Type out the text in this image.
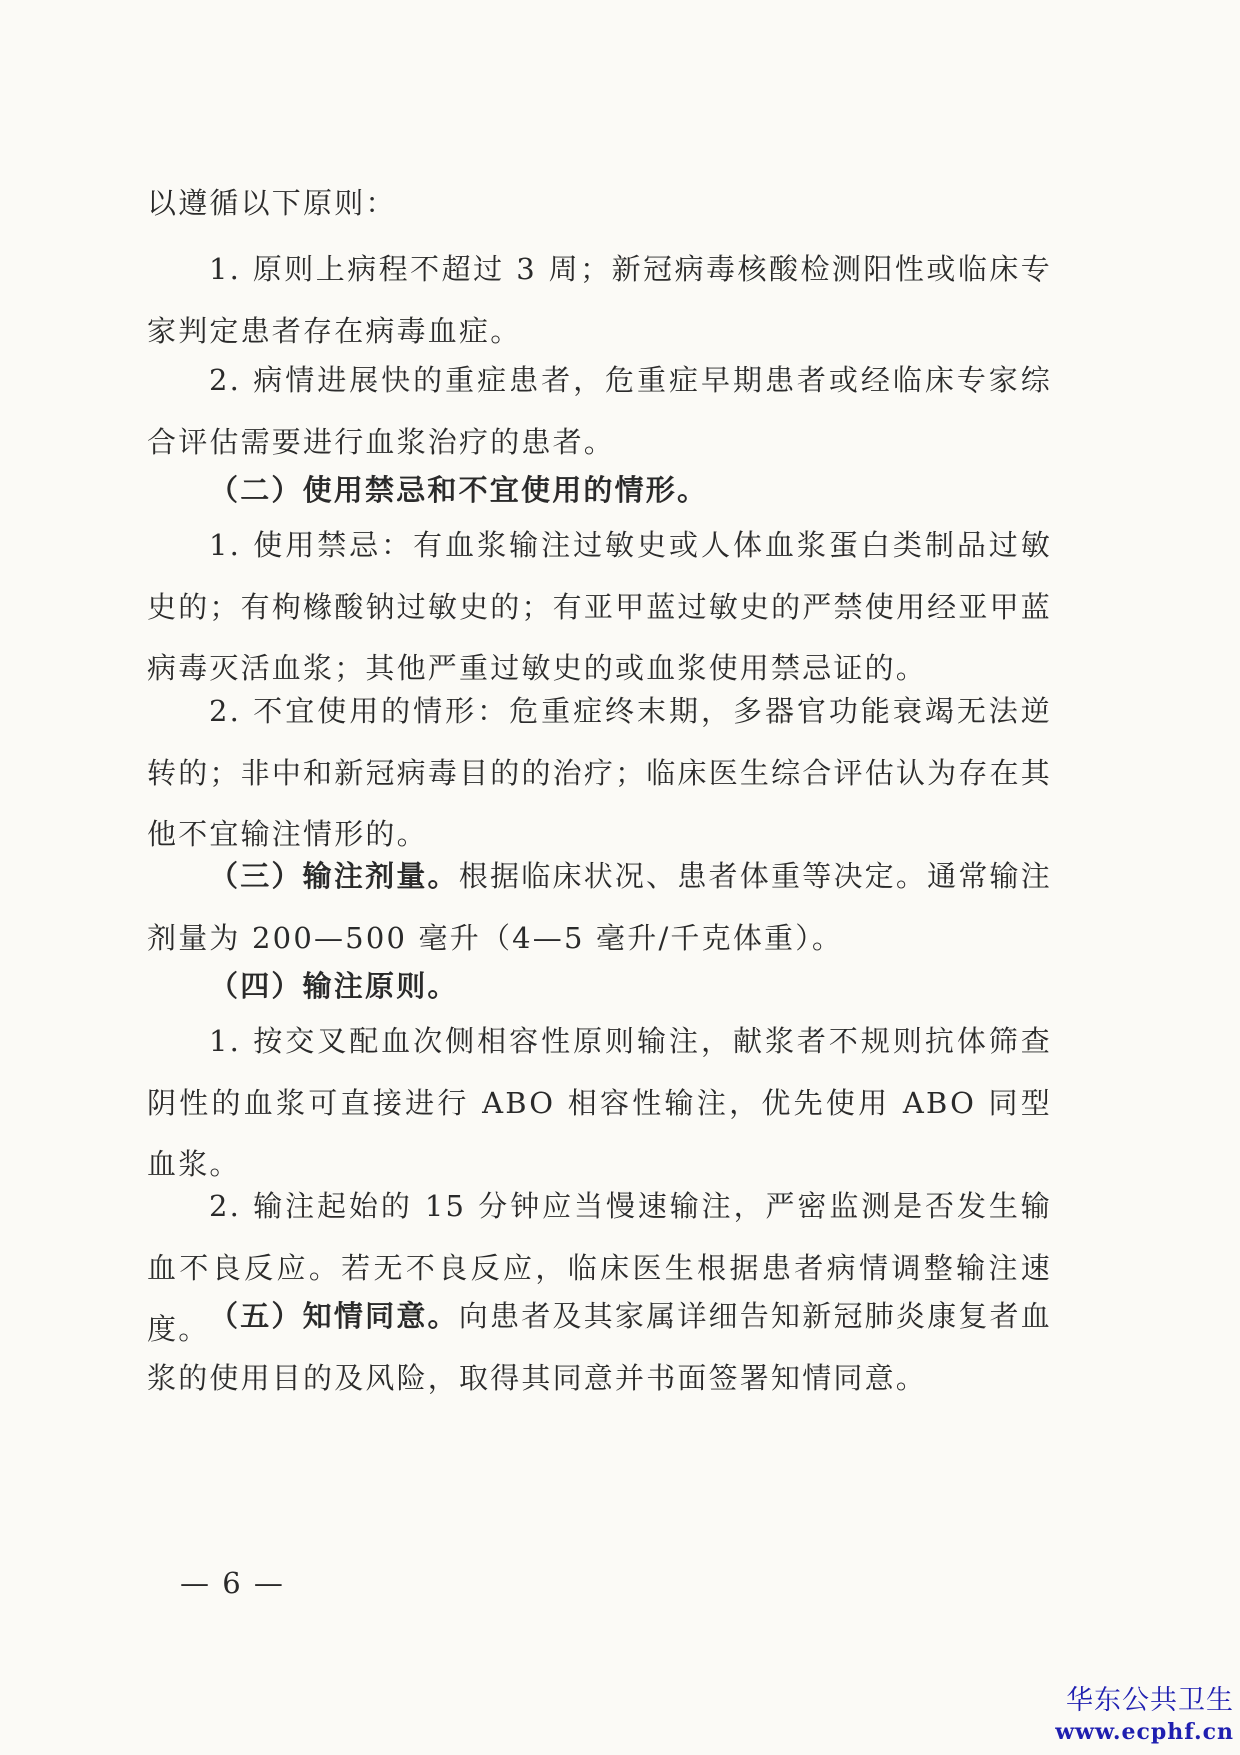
以遵循以下原则：

1. 原则上病程不超过 3 周；新冠病毒核酸检测阳性或临床专家判定患者存在病毒血症。

2. 病情进展快的重症患者，危重症早期患者或经临床专家综合评估需要进行血浆治疗的患者。

（二）使用禁忌和不宜使用的情形。

1. 使用禁忌：有血浆输注过敏史或人体血浆蛋白类制品过敏史的；有枸橼酸钠过敏史的；有亚甲蓝过敏史的严禁使用经亚甲蓝病毒灭活血浆；其他严重过敏史的或血浆使用禁忌证的。

2. 不宜使用的情形：危重症终末期，多器官功能衰竭无法逆转的；非中和新冠病毒目的的治疗；临床医生综合评估认为存在其他不宜输注情形的。

（三）输注剂量。根据临床状况、患者体重等决定。通常输注剂量为 200—500 毫升（4—5 毫升/千克体重）。

（四）输注原则。

1. 按交叉配血次侧相容性原则输注，献浆者不规则抗体筛查阴性的血浆可直接进行 ABO 相容性输注，优先使用 ABO 同型血浆。

2. 输注起始的 15 分钟应当慢速输注，严密监测是否发生输血不良反应。若无不良反应，临床医生根据患者病情调整输注速度。 （五）知情同意。向患者及其家属详细告知新冠肺炎康复者血浆的使用目的及风险，取得其同意并书面签署知情同意。

— 6 —

华东公共卫生
www.ecphf.cn
